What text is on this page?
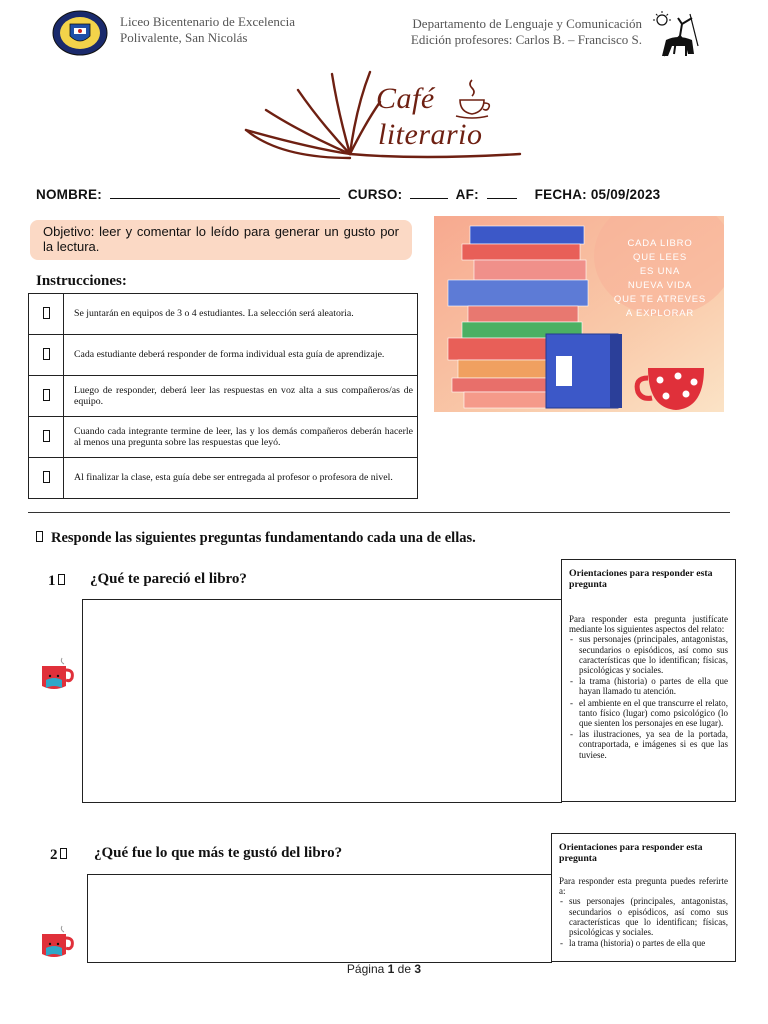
Liceo Bicentenario de Excelencia
Polivalente, San Nicolás
Departamento de Lenguaje y Comunicación
Edición profesores: Carlos B. – Francisco S.
Café
literario
NOMBRE:	CURSO:	AF:	FECHA: 05/09/2023
Objetivo: leer y comentar lo leído para generar un gusto por la lectura.
Instrucciones:
	Se juntarán en equipos de 3 o 4 estudiantes. La selección será aleatoria.
	Cada estudiante deberá responder de forma individual esta guía de aprendizaje.
	Luego de responder, deberá leer las respuestas en voz alta a sus compañeros/as de equipo.
	Cuando cada integrante termine de leer, las y los demás compañeros deberán hacerle al menos una pregunta sobre las respuestas que leyó.
	Al finalizar la clase, esta guía debe ser entregada al profesor o profesora de nivel.
CADA LIBRO
QUE LEES
ES UNA
NUEVA VIDA
QUE TE ATREVES
A EXPLORAR
Responde las siguientes preguntas fundamentando cada una de ellas.
1	¿Qué te pareció el libro?	Orientaciones para responder esta pregunta

Para responder esta pregunta justifícate mediante los siguientes aspectos del relato:

- sus personajes (principales, antagonistas, secundarios o episódicos, así como sus características que lo identifican; físicas, psicológicas y sociales.
- la trama (historia) o partes de ella que hayan llamado tu atención.
- el ambiente en el que transcurre el relato, tanto físico (lugar) como psicológico (lo que sienten los personajes en ese lugar).
- las ilustraciones, ya sea de la portada, contraportada, e imágenes si es que las tuviese.
2	¿Qué fue lo que más te gustó del libro?	Orientaciones para responder esta pregunta

Para responder esta pregunta puedes referirte a:

- sus personajes (principales, antagonistas, secundarios o episódicos, así como sus características que lo identifican; físicas, psicológicas y sociales.
- la trama (historia) o partes de ella que
Página 1 de 3
